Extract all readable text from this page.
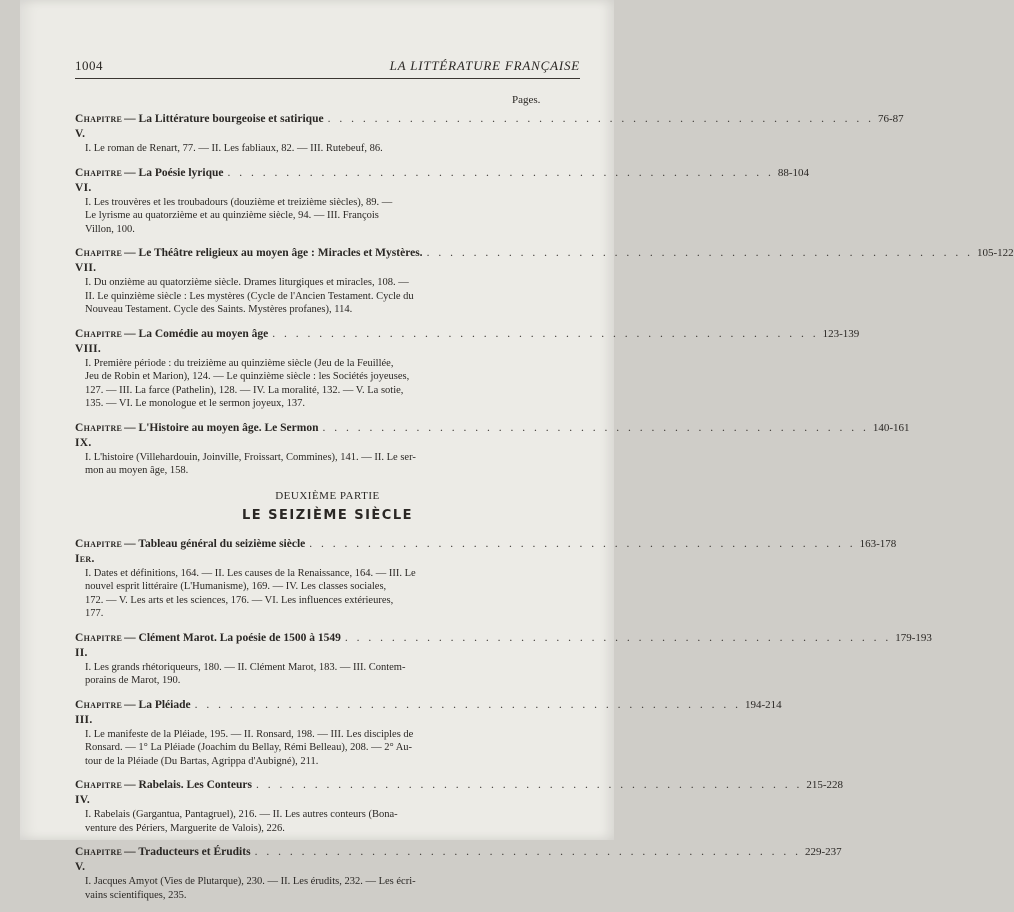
1004	LA LITTÉRATURE FRANÇAISE
Pages.
Chapitre V.
— La Littérature bourgeoise et satirique . . . . . . . . . . . . . . . . . . . . . . . . . . . . . . . . . . . . . . . . . . . . . . . 76-87
I. Le roman de Renart, 77. — II. Les fabliaux, 82. — III. Rutebeuf, 86.
Chapitre VI.
— La Poésie lyrique . . . . . . . . . . . . . . . . . . . . . . . . . . . . . . . . . . . . . . . . . . . . . . . 88-104
I. Les trouvères et les troubadours (douzième et treizième siècles), 89. —
Le lyrisme au quatorzième et au quinzième siècle, 94. — III. François
Villon, 100.
Chapitre VII.
— Le Théâtre religieux au moyen âge : Miracles et Mystères. . . . . . . . . . . . . . . . . . . . . . . . . . . . . . . . . . . . . . . . . . . . . . . . 105-122
I. Du onzième au quatorzième siècle. Drames liturgiques et miracles, 108. —
II. Le quinzième siècle : Les mystères (Cycle de l'Ancien Testament. Cycle du
Nouveau Testament. Cycle des Saints. Mystères profanes), 114.
Chapitre VIII.
— La Comédie au moyen âge . . . . . . . . . . . . . . . . . . . . . . . . . . . . . . . . . . . . . . . . . . . . . . . 123-139
I. Première période : du treizième au quinzième siècle (Jeu de la Feuillée,
Jeu de Robin et Marion), 124. — Le quinzième siècle : les Sociétés joyeuses,
127. — III. La farce (Pathelin), 128. — IV. La moralité, 132. — V. La sotie,
135. — VI. Le monologue et le sermon joyeux, 137.
Chapitre IX.
— L'Histoire au moyen âge. Le Sermon . . . . . . . . . . . . . . . . . . . . . . . . . . . . . . . . . . . . . . . . . . . . . . . 140-161
I. L'histoire (Villehardouin, Joinville, Froissart, Commines), 141. — II. Le ser-
mon au moyen âge, 158.
DEUXIÈME PARTIE
LE SEIZIÈME SIÈCLE
Chapitre Ier.
— Tableau général du seizième siècle . . . . . . . . . . . . . . . . . . . . . . . . . . . . . . . . . . . . . . . . . . . . . . . 163-178
I. Dates et définitions, 164. — II. Les causes de la Renaissance, 164. — III. Le
nouvel esprit littéraire (L'Humanisme), 169. — IV. Les classes sociales,
172. — V. Les arts et les sciences, 176. — VI. Les influences extérieures,
177.
Chapitre II.
— Clément Marot. La poésie de 1500 à 1549 . . . . . . . . . . . . . . . . . . . . . . . . . . . . . . . . . . . . . . . . . . . . . . . 179-193
I. Les grands rhétoriqueurs, 180. — II. Clément Marot, 183. — III. Contem-
porains de Marot, 190.
Chapitre III.
— La Pléiade . . . . . . . . . . . . . . . . . . . . . . . . . . . . . . . . . . . . . . . . . . . . . . . 194-214
I. Le manifeste de la Pléiade, 195. — II. Ronsard, 198. — III. Les disciples de
Ronsard. — 1° La Pléiade (Joachim du Bellay, Rémi Belleau), 208. — 2° Au-
tour de la Pléiade (Du Bartas, Agrippa d'Aubigné), 211.
Chapitre IV.
— Rabelais. Les Conteurs . . . . . . . . . . . . . . . . . . . . . . . . . . . . . . . . . . . . . . . . . . . . . . . 215-228
I. Rabelais (Gargantua, Pantagruel), 216. — II. Les autres conteurs (Bona-
venture des Périers, Marguerite de Valois), 226.
Chapitre V.
— Traducteurs et Érudits . . . . . . . . . . . . . . . . . . . . . . . . . . . . . . . . . . . . . . . . . . . . . . . 229-237
I. Jacques Amyot (Vies de Plutarque), 230. — II. Les érudits, 232. — Les écri-
vains scientifiques, 235.
